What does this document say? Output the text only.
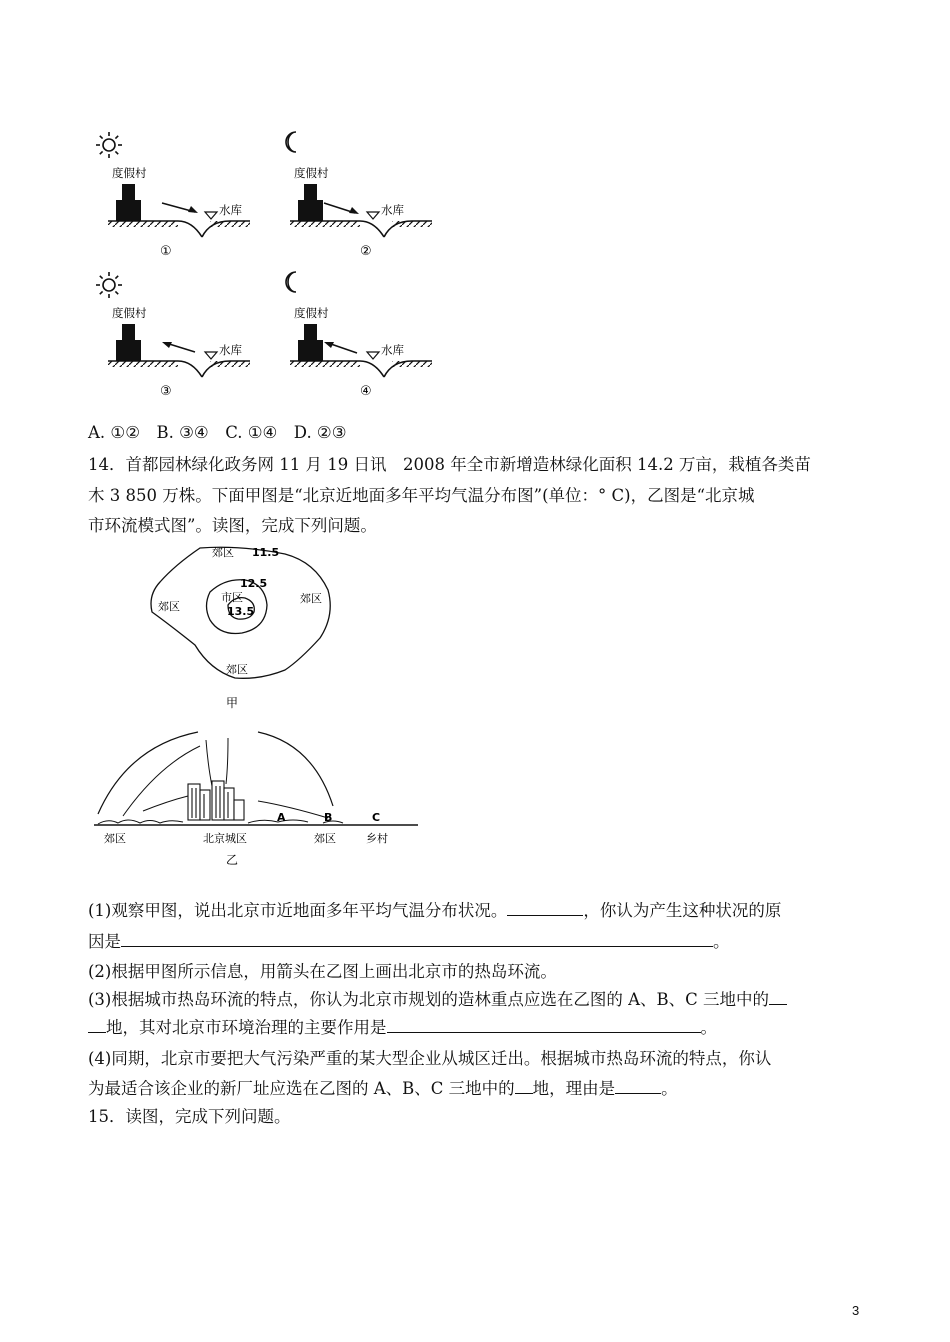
度假村
水库
①
度假村
水库
②
度假村
水库
③
度假村
水库
④
A. ①②　B. ③④　C. ①④　D. ②③
14．首都园林绿化政务网 11 月 19 日讯　2008 年全市新增造林绿化面积 14.2 万亩，栽植各类苗
木 3 850 万株。下面甲图是“北京近地面多年平均气温分布图”(单位：° C)，乙图是“北京城
市环流模式图”。读图，完成下列问题。
郊区 11.5
12.5
市区
13.5
郊区
郊区
郊区
甲
A	B	C
郊区	北京城区	郊区	乡村
乙
(1)观察甲图，说出北京市近地面多年平均气温分布状况。	，你认为产生这种状况的原
因是	。
(2)根据甲图所示信息，用箭头在乙图上画出北京市的热岛环流。
(3)根据城市热岛环流的特点，你认为北京市规划的造林重点应选在乙图的 A、B、C 三地中的
地，其对北京市环境治理的主要作用是	。
(4)同期，北京市要把大气污染严重的某大型企业从城区迁出。根据城市热岛环流的特点，你认
为最适合该企业的新厂址应选在乙图的 A、B、C 三地中的 地，理由是	。
15．读图，完成下列问题。
3
